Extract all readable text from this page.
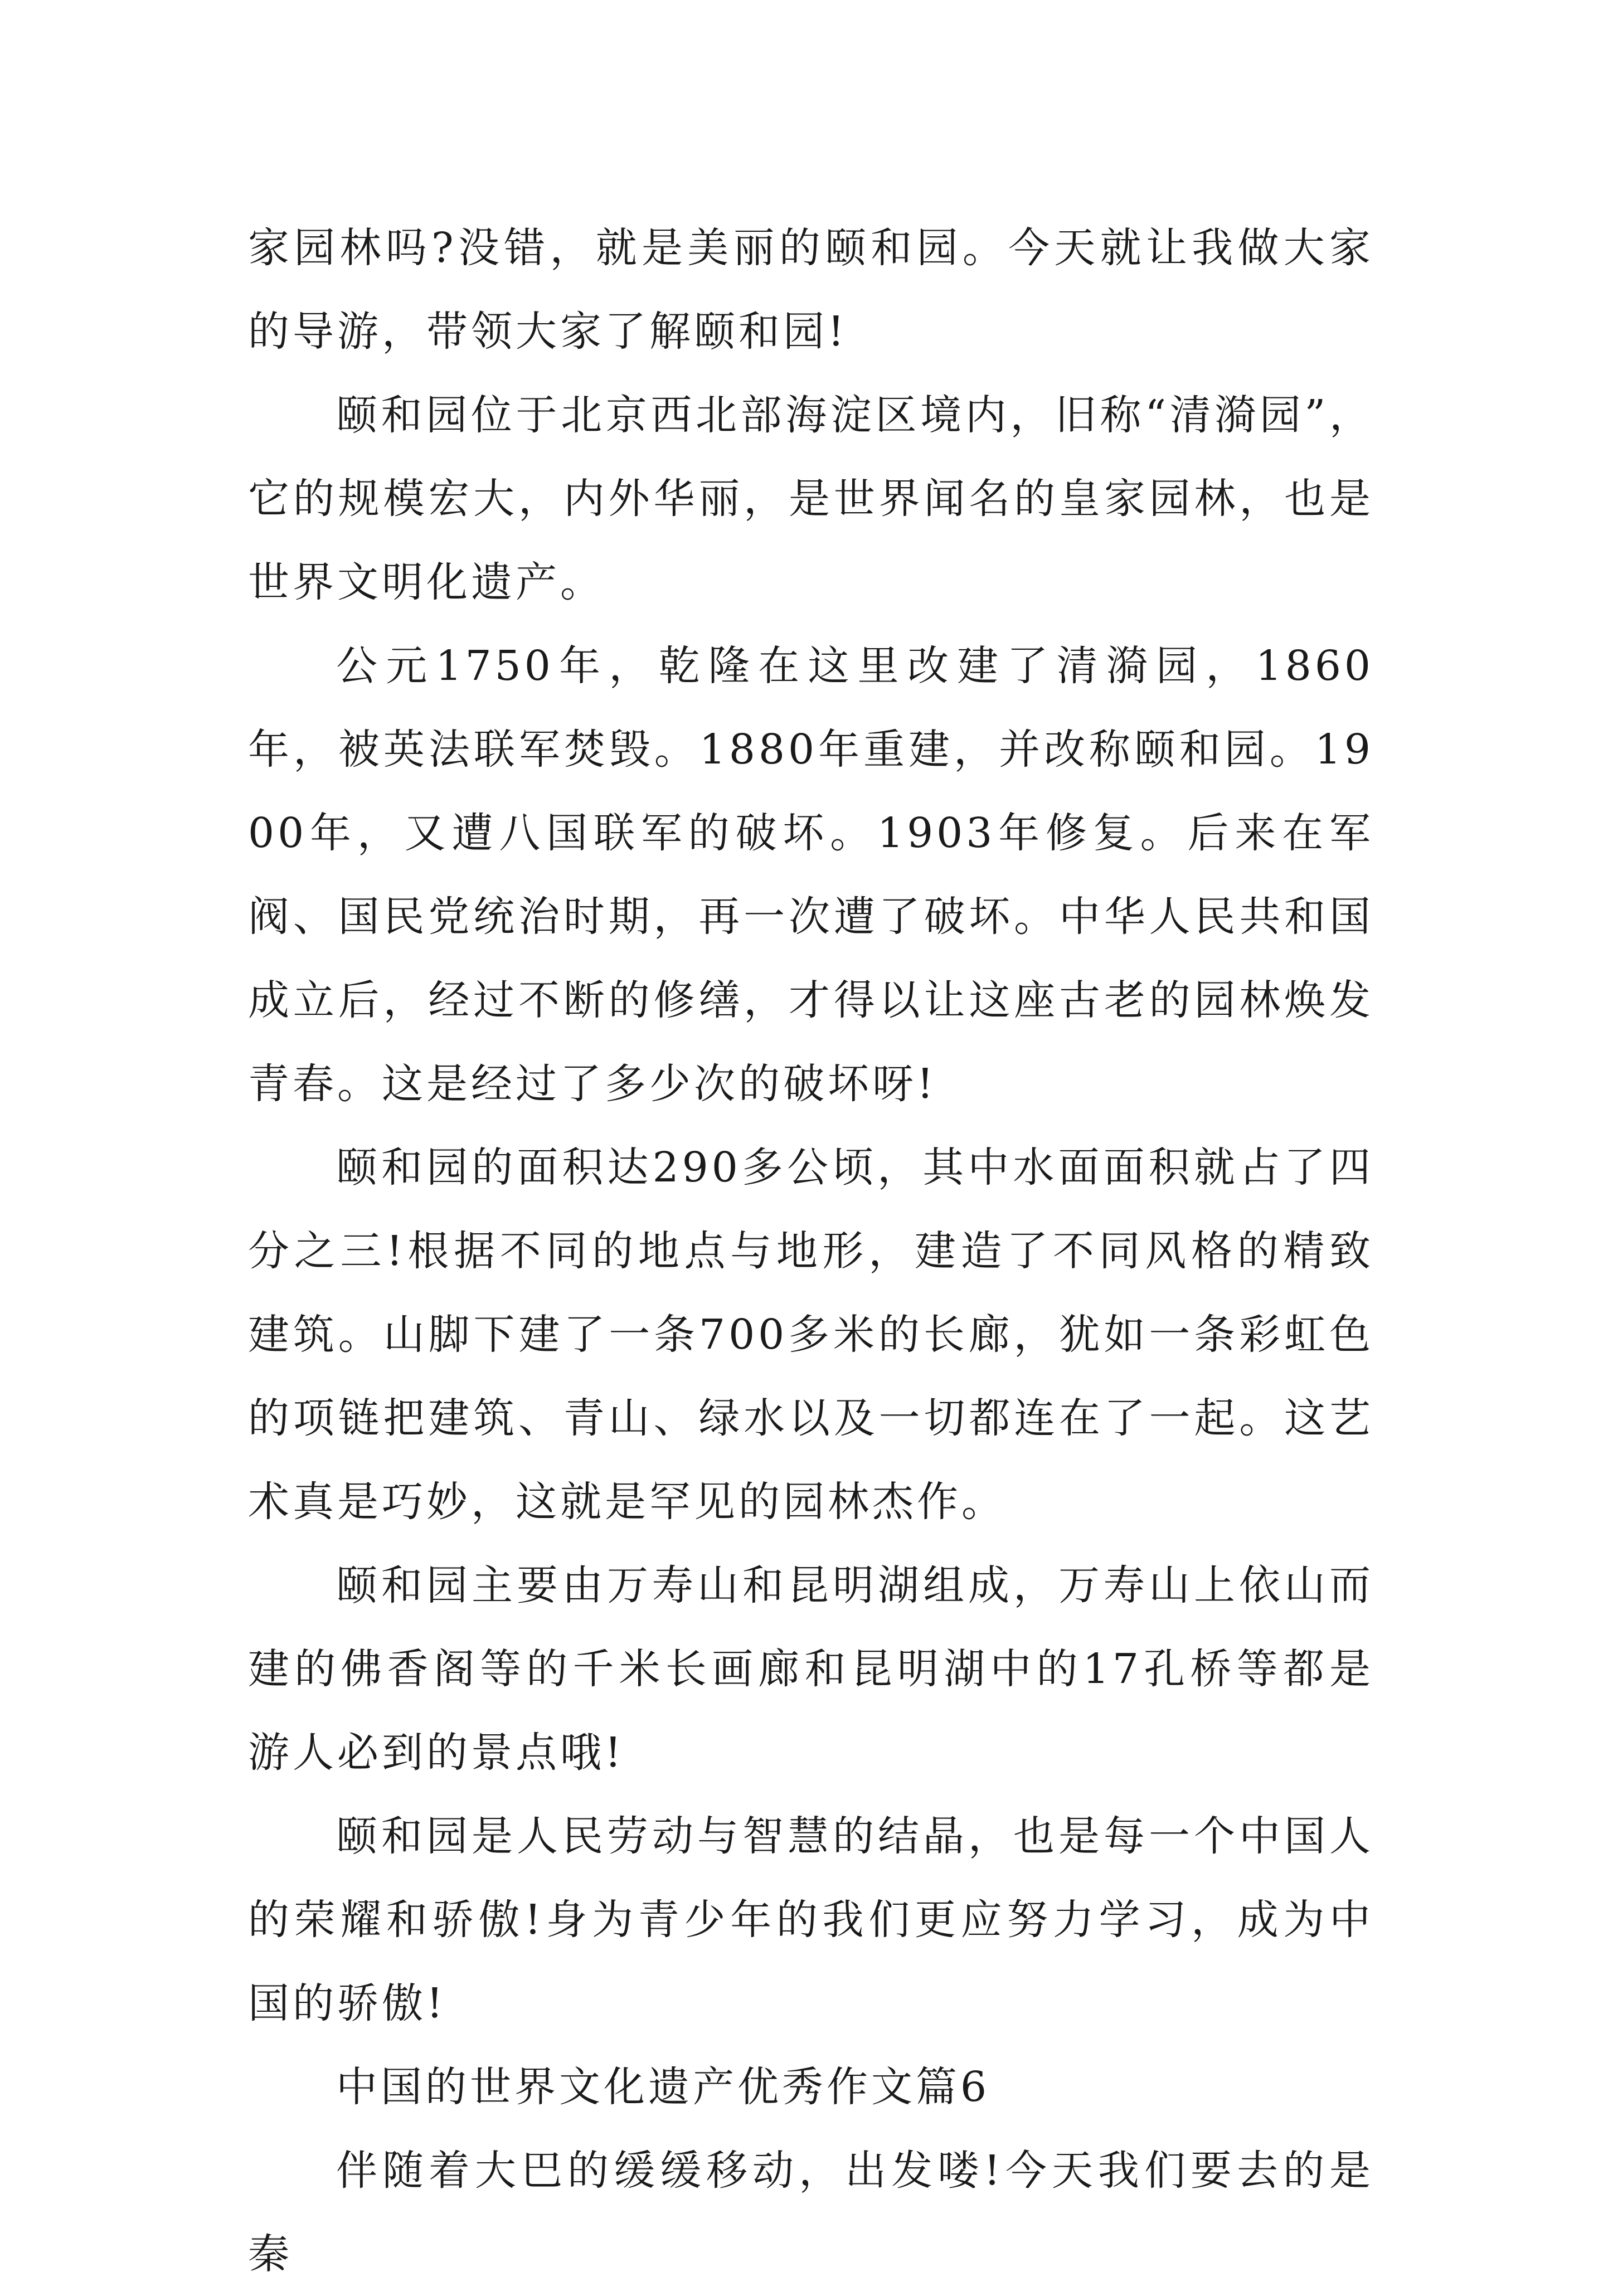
家园林吗?没错，就是美丽的颐和园。今天就让我做大家的导游，带领大家了解颐和园!

颐和园位于北京西北部海淀区境内，旧称“清漪园”，它的规模宏大，内外华丽，是世界闻名的皇家园林，也是世界文明化遗产。

公元1750年，乾隆在这里改建了清漪园，1860年，被英法联军焚毁。1880年重建，并改称颐和园。1900年，又遭八国联军的破坏。1903年修复。后来在军阀、国民党统治时期，再一次遭了破坏。中华人民共和国成立后，经过不断的修缮，才得以让这座古老的园林焕发青春。这是经过了多少次的破坏呀!

颐和园的面积达290多公顷，其中水面面积就占了四分之三!根据不同的地点与地形，建造了不同风格的精致建筑。山脚下建了一条700多米的长廊，犹如一条彩虹色的项链把建筑、青山、绿水以及一切都连在了一起。这艺术真是巧妙，这就是罕见的园林杰作。

颐和园主要由万寿山和昆明湖组成，万寿山上依山而建的佛香阁等的千米长画廊和昆明湖中的17孔桥等都是游人必到的景点哦!

颐和园是人民劳动与智慧的结晶，也是每一个中国人的荣耀和骄傲!身为青少年的我们更应努力学习，成为中国的骄傲!

中国的世界文化遗产优秀作文篇6

伴随着大巴的缓缓移动，出发喽!今天我们要去的是秦
